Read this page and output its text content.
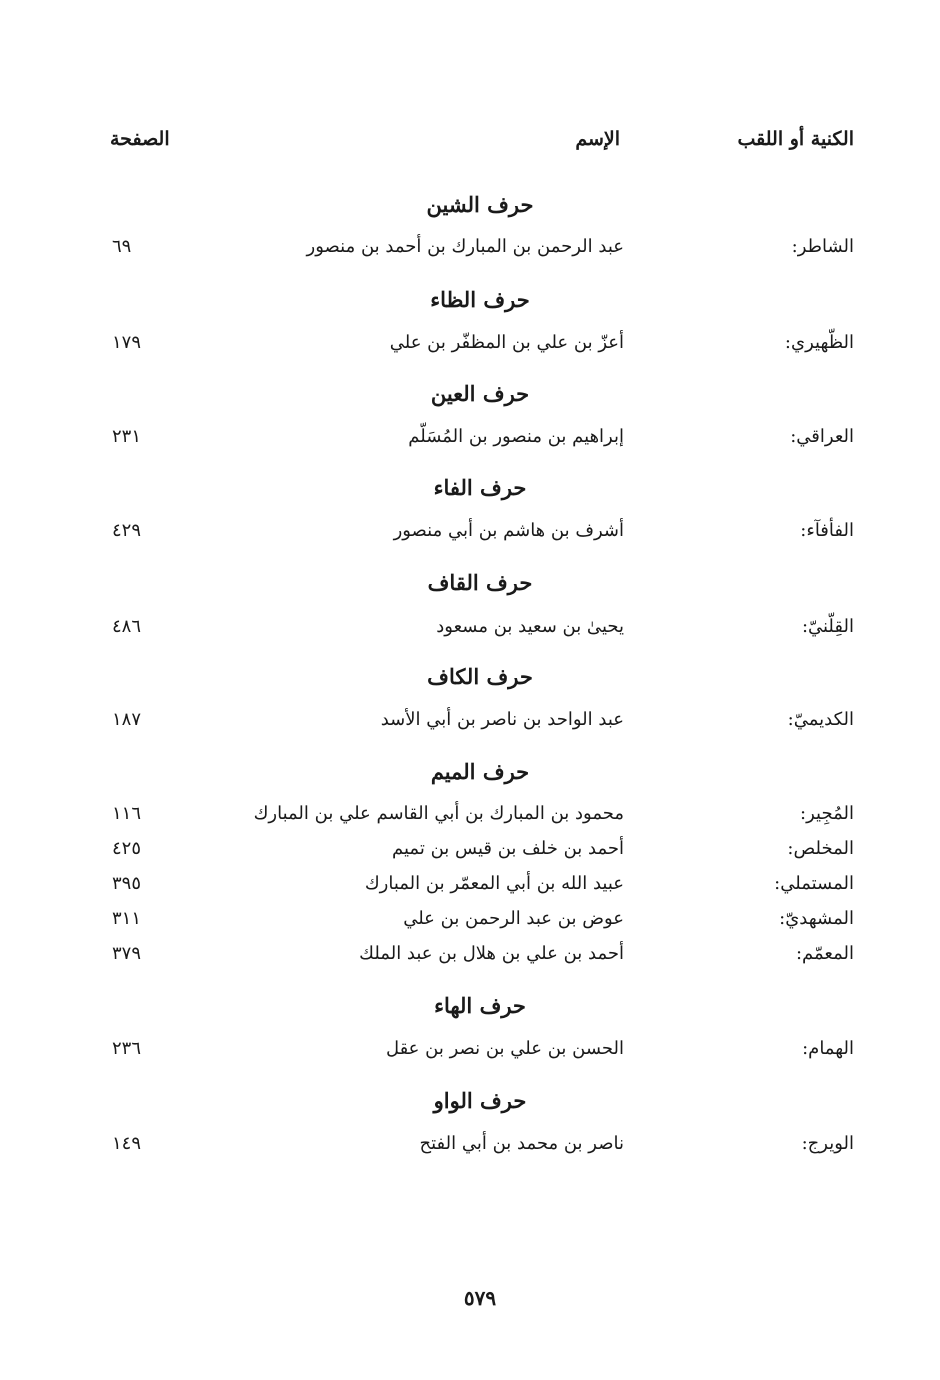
الكنية أو اللقب
الإسم
الصفحة
حرف الشين
الشاطر:
عبد الرحمن بن المبارك بن أحمد بن منصور
٦٩
حرف الظاء
الظّهيري:
أعزّ بن علي بن المظفّر بن علي
١٧٩
حرف العين
العراقي:
إبراهيم بن منصور بن المُسَلّم
٢٣١
حرف الفاء
الفأفآء:
أشرف بن هاشم بن أبي منصور
٤٢٩
حرف القاف
القِلّنيّ:
يحيىٰ بن سعيد بن مسعود
٤٨٦
حرف الكاف
الكديميّ:
عبد الواحد بن ناصر بن أبي الأسد
١٨٧
حرف الميم
المُجِير:
محمود بن المبارك بن أبي القاسم علي بن المبارك
١١٦
المخلص:
أحمد بن خلف بن قيس بن تميم
٤٢٥
المستملي:
عبيد الله بن أبي المعمّر بن المبارك
٣٩٥
المشهديّ:
عوض بن عبد الرحمن بن علي
٣١١
المعمّم:
أحمد بن علي بن هلال بن عبد الملك
٣٧٩
حرف الهاء
الهمام:
الحسن بن علي بن نصر بن عقل
٢٣٦
حرف الواو
الويرج:
ناصر بن محمد بن أبي الفتح
١٤٩
٥٧٩
